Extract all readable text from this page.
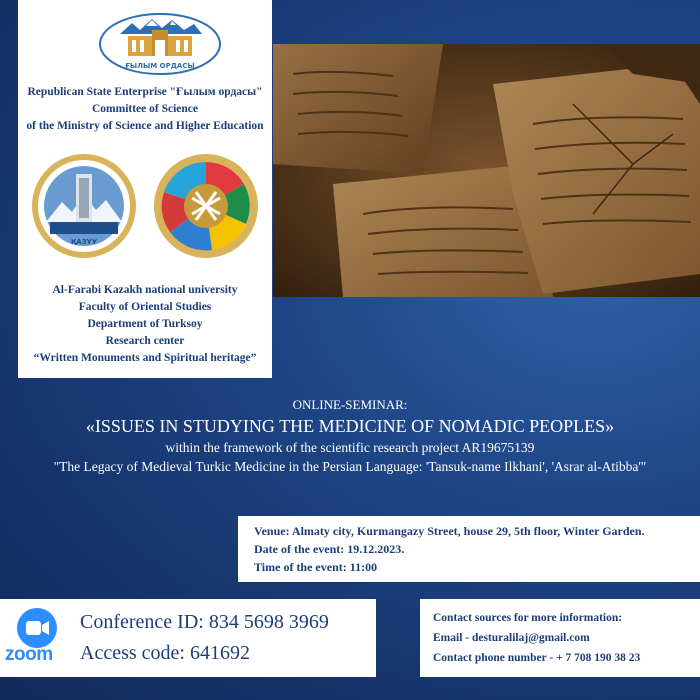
ҒЫЛЫМ ОРДАСЫ
Republican State Enterprise "Ғылым ордасы"
Committee of Science
of the Ministry of Science and Higher Education
ҚАЗҰУ
Al-Farabi Kazakh national university
Faculty of Oriental Studies
Department of Turksoy
Research center
“Written Monuments and Spiritual heritage”
ONLINE-SEMINAR:
«ISSUES IN STUDYING THE MEDICINE OF NOMADIC PEOPLES»
within the framework of the scientific research project AR19675139
"The Legacy of Medieval Turkic Medicine in the Persian Language: 'Tansuk-name Ilkhani', 'Asrar al-Atibba'"
Venue: Almaty city, Kurmangazy Street, house 29, 5th floor, Winter Garden.
Date of the event: 19.12.2023.
Time of the event: 11:00
zoom
Conference ID: 834 5698 3969
Access code: 641692
Contact sources for more information:
Email - desturalilaj@gmail.com
Contact phone number - + 7 708 190 38 23
